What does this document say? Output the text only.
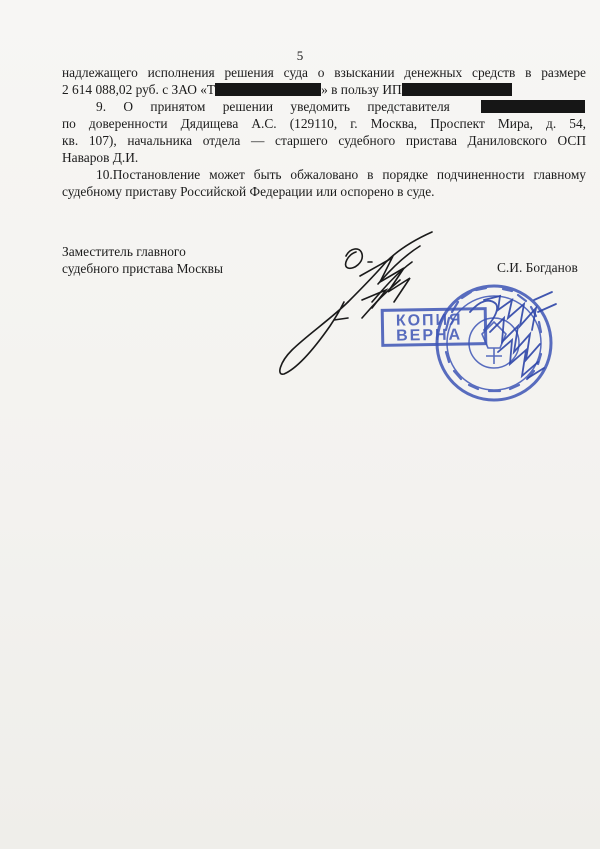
5
надлежащего исполнения решения суда о взыскании денежных средств в размере
2 614 088,02 руб. с ЗАО «Т	» в пользу ИП
9. О принятом решении уведомить представителя
по доверенности Дядищева А.С. (129110, г. Москва, Проспект Мира, д. 54,
кв. 107), начальника отдела — старшего судебного пристава Даниловского ОСП
Наваров Д.И.
10.Постановление может быть обжаловано в порядке подчиненности главному
судебному приставу Российской Федерации или оспорено в суде.
Заместитель главного
судебного пристава Москвы	С.И. Богданов
КОПИЯ
ВЕРНА
